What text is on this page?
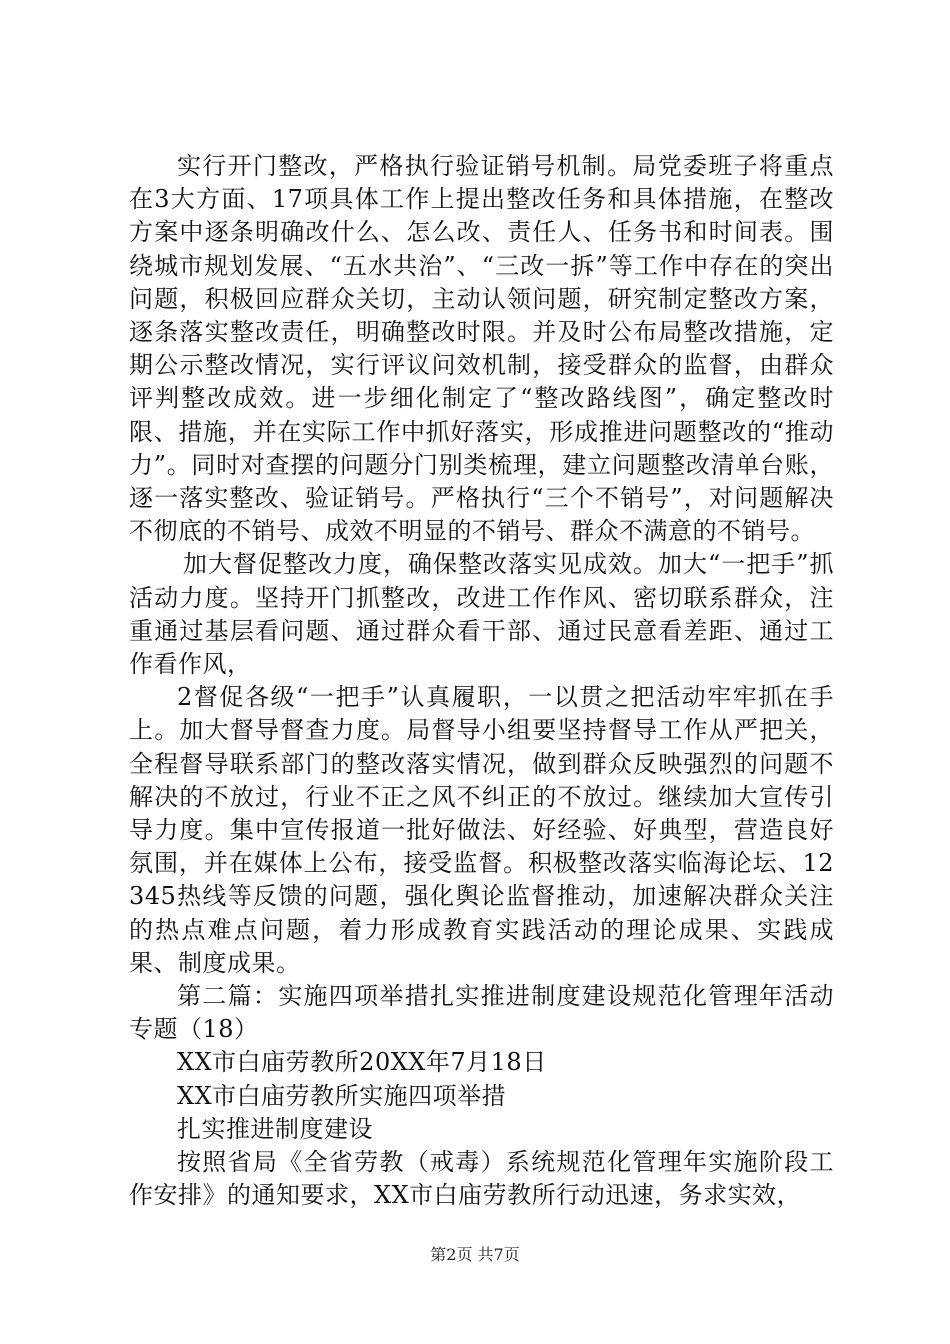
实行开门整改，严格执行验证销号机制。局党委班子将重点在3大方面、17项具体工作上提出整改任务和具体措施，在整改方案中逐条明确改什么、怎么改、责任人、任务书和时间表。围绕城市规划发展、“五水共治”、“三改一拆”等工作中存在的突出问题，积极回应群众关切，主动认领问题，研究制定整改方案，逐条落实整改责任，明确整改时限。并及时公布局整改措施，定期公示整改情况，实行评议问效机制，接受群众的监督，由群众评判整改成效。进一步细化制定了“整改路线图”，确定整改时限、措施，并在实际工作中抓好落实，形成推进问题整改的“推动力”。同时对查摆的问题分门别类梳理，建立问题整改清单台账，逐一落实整改、验证销号。严格执行“三个不销号”，对问题解决不彻底的不销号、成效不明显的不销号、群众不满意的不销号。

加大督促整改力度，确保整改落实见成效。加大“一把手”抓活动力度。坚持开门抓整改，改进工作作风、密切联系群众，注重通过基层看问题、通过群众看干部、通过民意看差距、通过工作看作风，

2督促各级“一把手”认真履职，一以贯之把活动牢牢抓在手上。加大督导督查力度。局督导小组要坚持督导工作从严把关，全程督导联系部门的整改落实情况，做到群众反映强烈的问题不解决的不放过，行业不正之风不纠正的不放过。继续加大宣传引导力度。集中宣传报道一批好做法、好经验、好典型，营造良好氛围，并在媒体上公布，接受监督。积极整改落实临海论坛、12345热线等反馈的问题，强化舆论监督推动，加速解决群众关注的热点难点问题，着力形成教育实践活动的理论成果、实践成果、制度成果。

第二篇：实施四项举措扎实推进制度建设规范化管理年活动专题（18）

XX市白庙劳教所20XX年7月18日

XX市白庙劳教所实施四项举措

扎实推进制度建设

按照省局《全省劳教（戒毒）系统规范化管理年实施阶段工作安排》的通知要求，XX市白庙劳教所行动迅速，务求实效，

第2页 共7页
